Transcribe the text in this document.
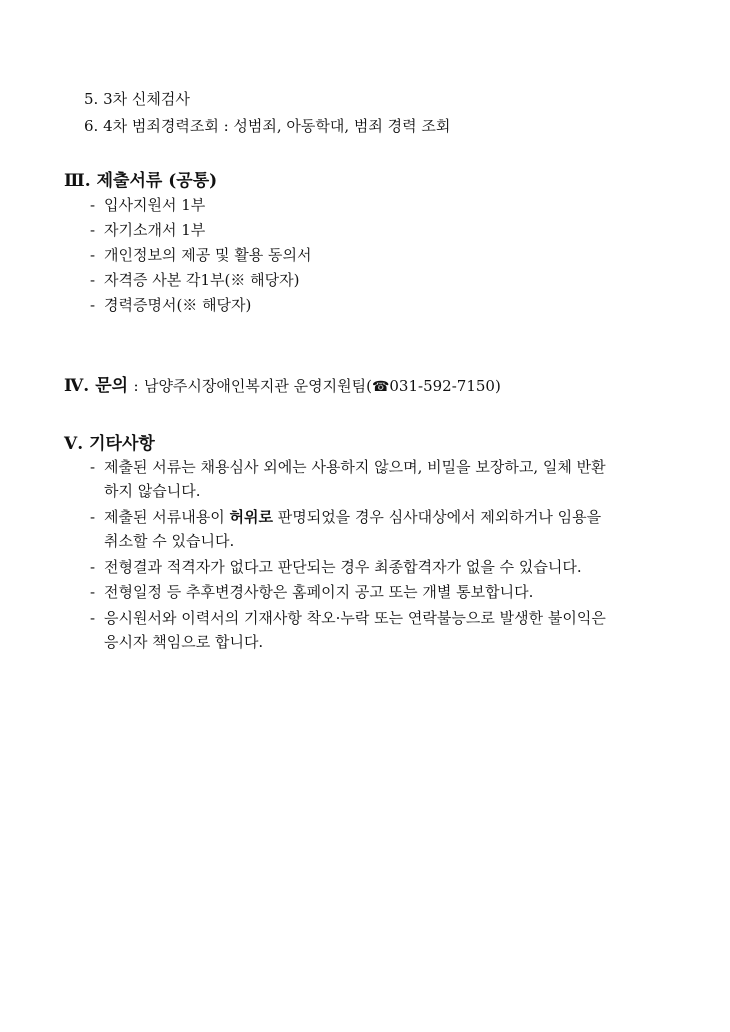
5. 3차 신체검사
6. 4차 범죄경력조회 : 성범죄, 아동학대, 범죄 경력 조회
Ⅲ. 제출서류 (공통)
- 입사지원서 1부
- 자기소개서 1부
- 개인정보의 제공 및 활용 동의서
- 자격증 사본 각1부(※ 해당자)
- 경력증명서(※ 해당자)
Ⅳ. 문의 : 남양주시장애인복지관 운영지원팀(☎031-592-7150)
Ⅴ. 기타사항
- 제출된 서류는 채용심사 외에는 사용하지 않으며, 비밀을 보장하고, 일체 반환
하지 않습니다.
- 제출된 서류내용이 허위로 판명되었을 경우 심사대상에서 제외하거나 임용을
취소할 수 있습니다.
- 전형결과 적격자가 없다고 판단되는 경우 최종합격자가 없을 수 있습니다.
- 전형일정 등 추후변경사항은 홈페이지 공고 또는 개별 통보합니다.
- 응시원서와 이력서의 기재사항 착오·누락 또는 연락불능으로 발생한 불이익은
응시자 책임으로 합니다.
